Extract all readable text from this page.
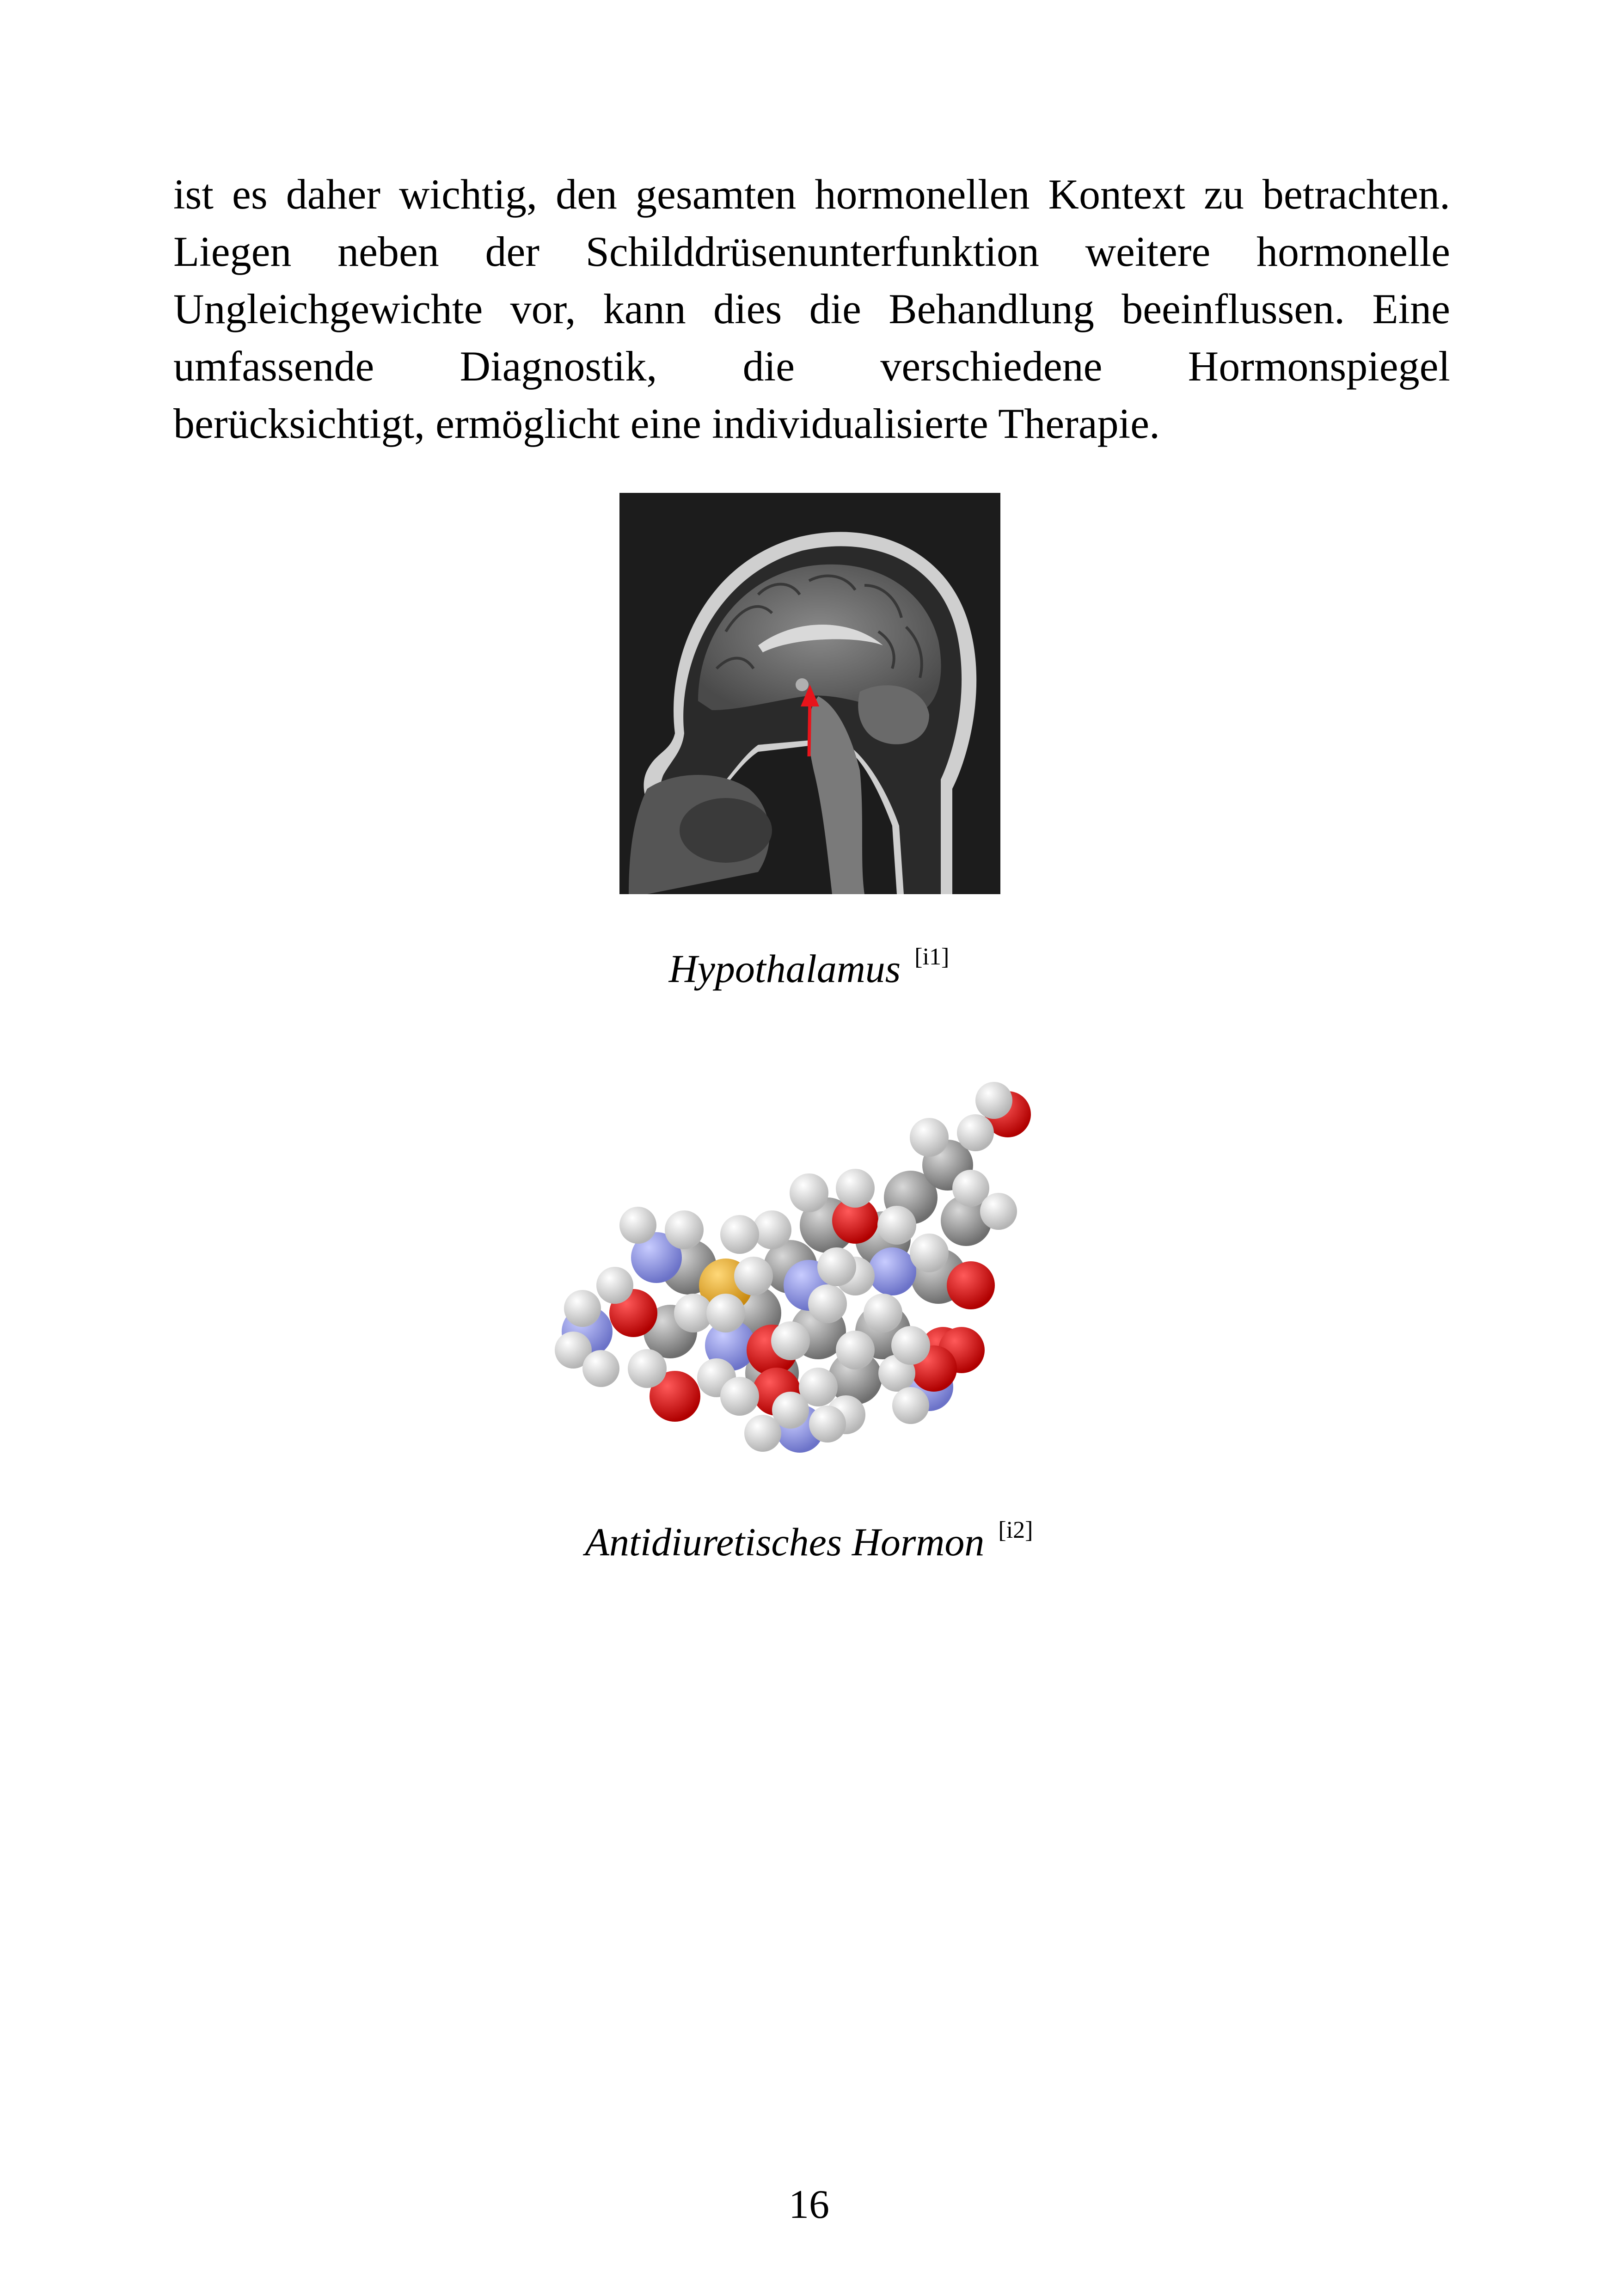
ist es daher wichtig, den gesamten hormonellen Kontext zu betrachten.
Liegen neben der Schilddrüsenunterfunktion weitere hormonelle
Ungleichgewichte vor, kann dies die Behandlung beeinflussen. Eine
umfassende Diagnostik, die verschiedene Hormonspiegel
berücksichtigt, ermöglicht eine individualisierte Therapie.
Hypothalamus [i1]
Antidiuretisches Hormon [i2]
16
